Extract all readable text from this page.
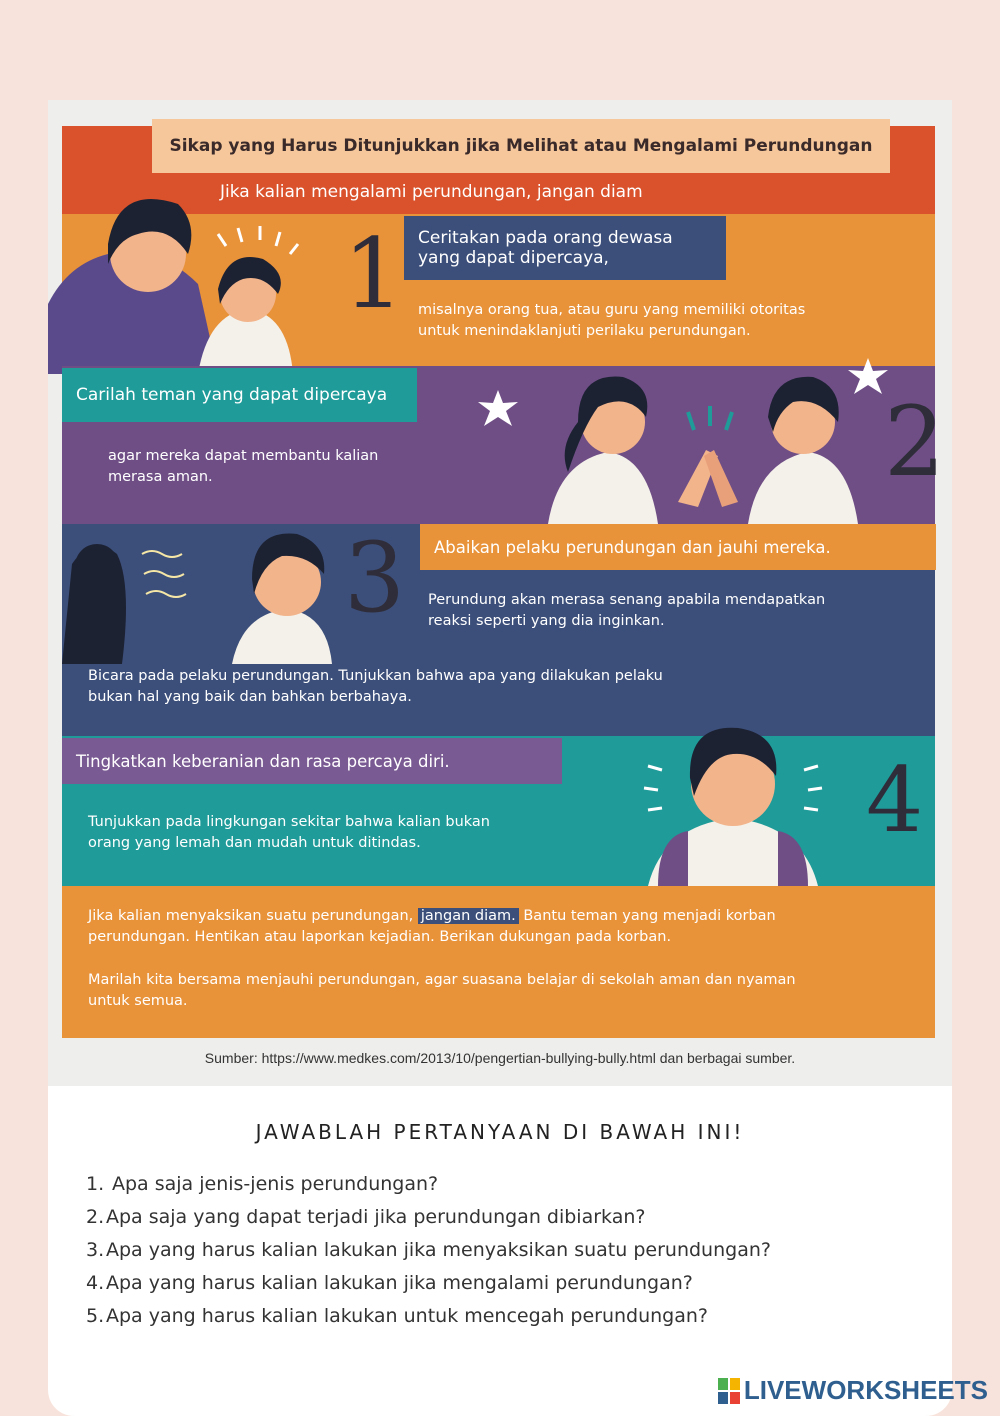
Sikap yang Harus Ditunjukkan jika Melihat atau Mengalami Perundungan
Jika kalian mengalami perundungan, jangan diam
Ceritakan pada orang dewasa
yang dapat dipercaya,
misalnya orang tua, atau guru yang memiliki otoritas
untuk menindaklanjuti perilaku perundungan.
1
Carilah teman yang dapat dipercaya
agar mereka dapat membantu kalian
merasa aman.	2
Abaikan pelaku perundungan dan jauhi mereka.
Perundung akan merasa senang apabila mendapatkan
reaksi seperti yang dia inginkan.
Bicara pada pelaku perundungan. Tunjukkan bahwa apa yang dilakukan pelaku
bukan hal yang baik dan bahkan berbahaya.
3
Tingkatkan keberanian dan rasa percaya diri.
Tunjukkan pada lingkungan sekitar bahwa kalian bukan
orang yang lemah dan mudah untuk ditindas.	4
Jika kalian menyaksikan suatu perundungan, jangan diam. Bantu teman yang menjadi korban
perundungan. Hentikan atau laporkan kejadian. Berikan dukungan pada korban.
Marilah kita bersama menjauhi perundungan, agar suasana belajar di sekolah aman dan nyaman
untuk semua.
Sumber: https://www.medkes.com/2013/10/pengertian-bullying-bully.html dan berbagai sumber.
JAWABLAH PERTANYAAN DI BAWAH INI!
1. Apa saja jenis-jenis perundungan?
2. Apa saja yang dapat terjadi jika perundungan dibiarkan?
3. Apa yang harus kalian lakukan jika menyaksikan suatu perundungan?
4. Apa yang harus kalian lakukan jika mengalami perundungan?
5. Apa yang harus kalian lakukan untuk mencegah perundungan?
LIVEWORKSHEETS
